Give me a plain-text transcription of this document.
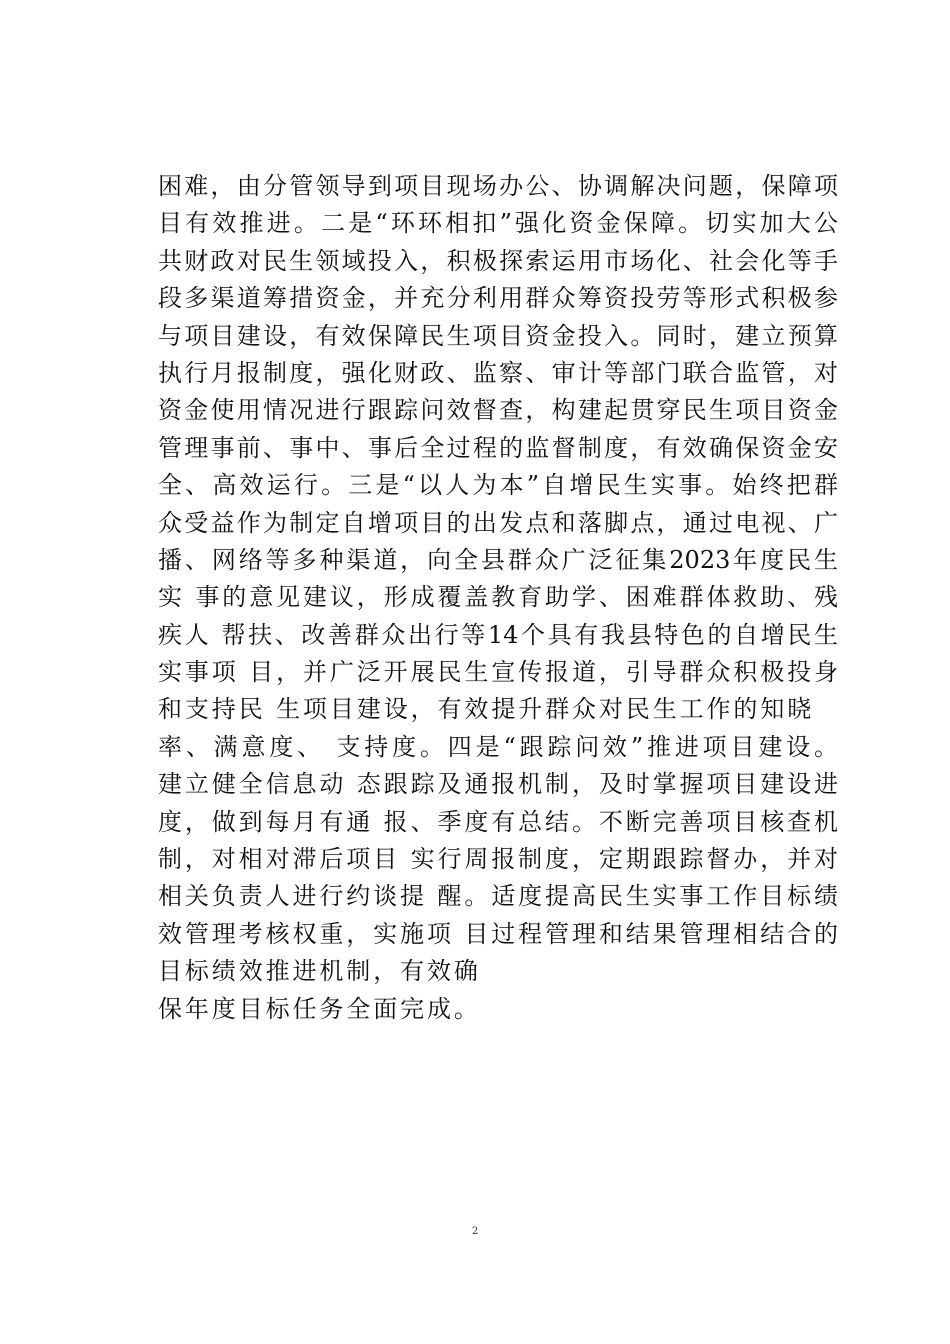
困难，由分管领导到项目现场办公、协调解决问题，保障项
目有效推进。二是“环环相扣”强化资金保障。切实加大公
共财政对民生领域投入，积极探索运用市场化、社会化等手
段多渠道筹措资金，并充分利用群众筹资投劳等形式积极参
与项目建设，有效保障民生项目资金投入。同时，建立预算
执行月报制度，强化财政、监察、审计等部门联合监管，对
资金使用情况进行跟踪问效督查，构建起贯穿民生项目资金
管理事前、事中、事后全过程的监督制度，有效确保资金安
全、高效运行。三是“以人为本”自增民生实事。始终把群
众受益作为制定自增项目的出发点和落脚点，通过电视、广
播、网络等多种渠道，向全县群众广泛征集2023年度民生
实 事的意见建议，形成覆盖教育助学、困难群体救助、残
疾人 帮扶、改善群众出行等14个具有我县特色的自增民生
实事项 目，并广泛开展民生宣传报道，引导群众积极投身
和支持民 生项目建设，有效提升群众对民生工作的知晓
率、满意度、 支持度。四是“跟踪问效”推进项目建设。
建立健全信息动 态跟踪及通报机制，及时掌握项目建设进
度，做到每月有通 报、季度有总结。不断完善项目核查机
制，对相对滞后项目 实行周报制度，定期跟踪督办，并对
相关负责人进行约谈提 醒。适度提高民生实事工作目标绩
效管理考核权重，实施项 目过程管理和结果管理相结合的
目标绩效推进机制，有效确
保年度目标任务全面完成。
2
